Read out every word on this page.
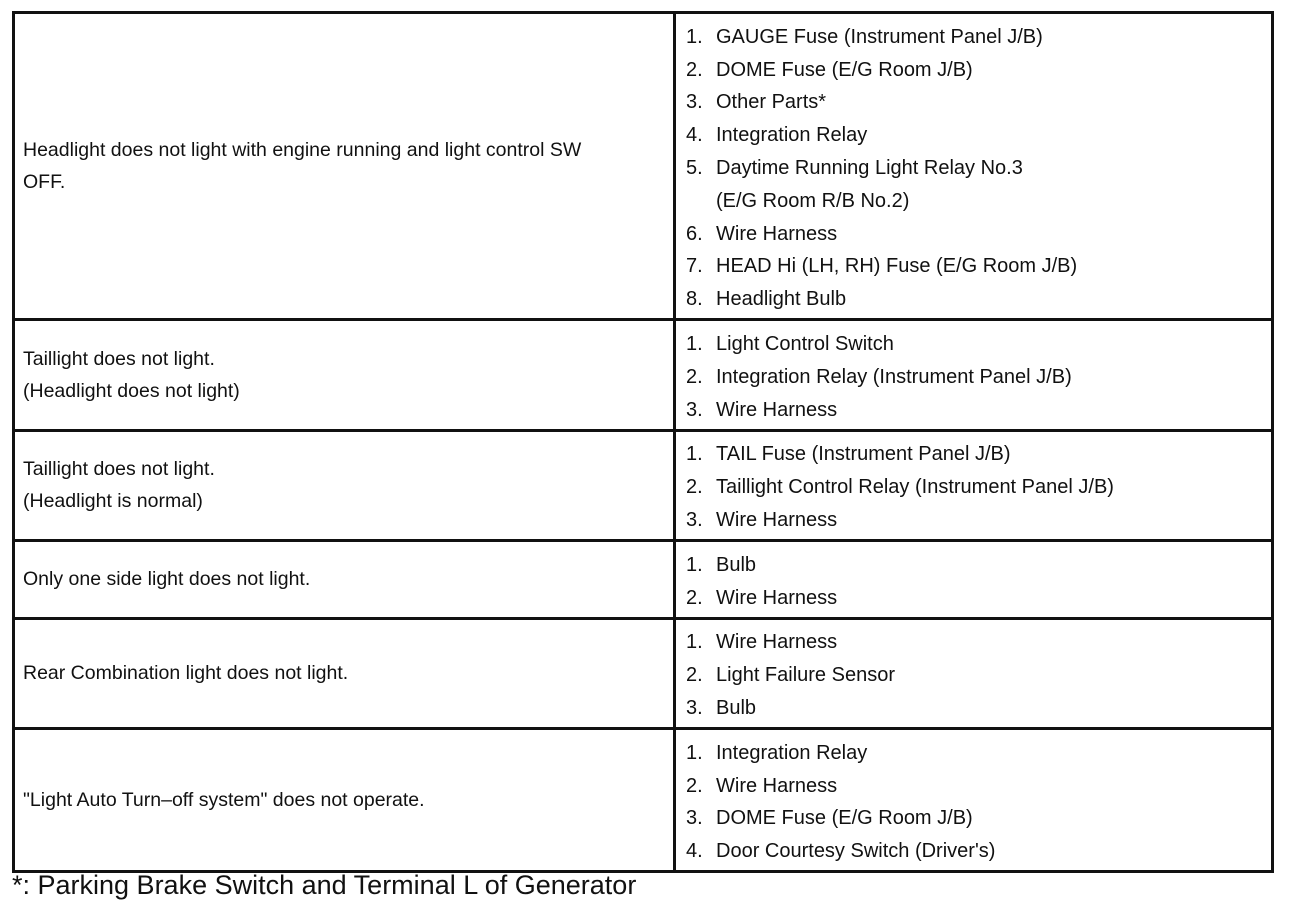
Headlight does not light with engine running and light control SW
OFF.
1. GAUGE Fuse (Instrument Panel J/B)
2. DOME Fuse (E/G Room J/B)
3. Other Parts*
4. Integration Relay
5. Daytime Running Light Relay No.3
(E/G Room R/B No.2)
6. Wire Harness
7. HEAD Hi (LH, RH) Fuse (E/G Room J/B)
8. Headlight Bulb
Taillight does not light.
(Headlight does not light)
1. Light Control Switch
2. Integration Relay (Instrument Panel J/B)
3. Wire Harness
Taillight does not light.
(Headlight is normal)
1. TAIL Fuse (Instrument Panel J/B)
2. Taillight Control Relay (Instrument Panel J/B)
3. Wire Harness
Only one side light does not light.
1. Bulb
2. Wire Harness
Rear Combination light does not light.
1. Wire Harness
2. Light Failure Sensor
3. Bulb
"Light Auto Turn–off system" does not operate.
1. Integration Relay
2. Wire Harness
3. DOME Fuse (E/G Room J/B)
4. Door Courtesy Switch (Driver's)
*: Parking Brake Switch and Terminal L of Generator
